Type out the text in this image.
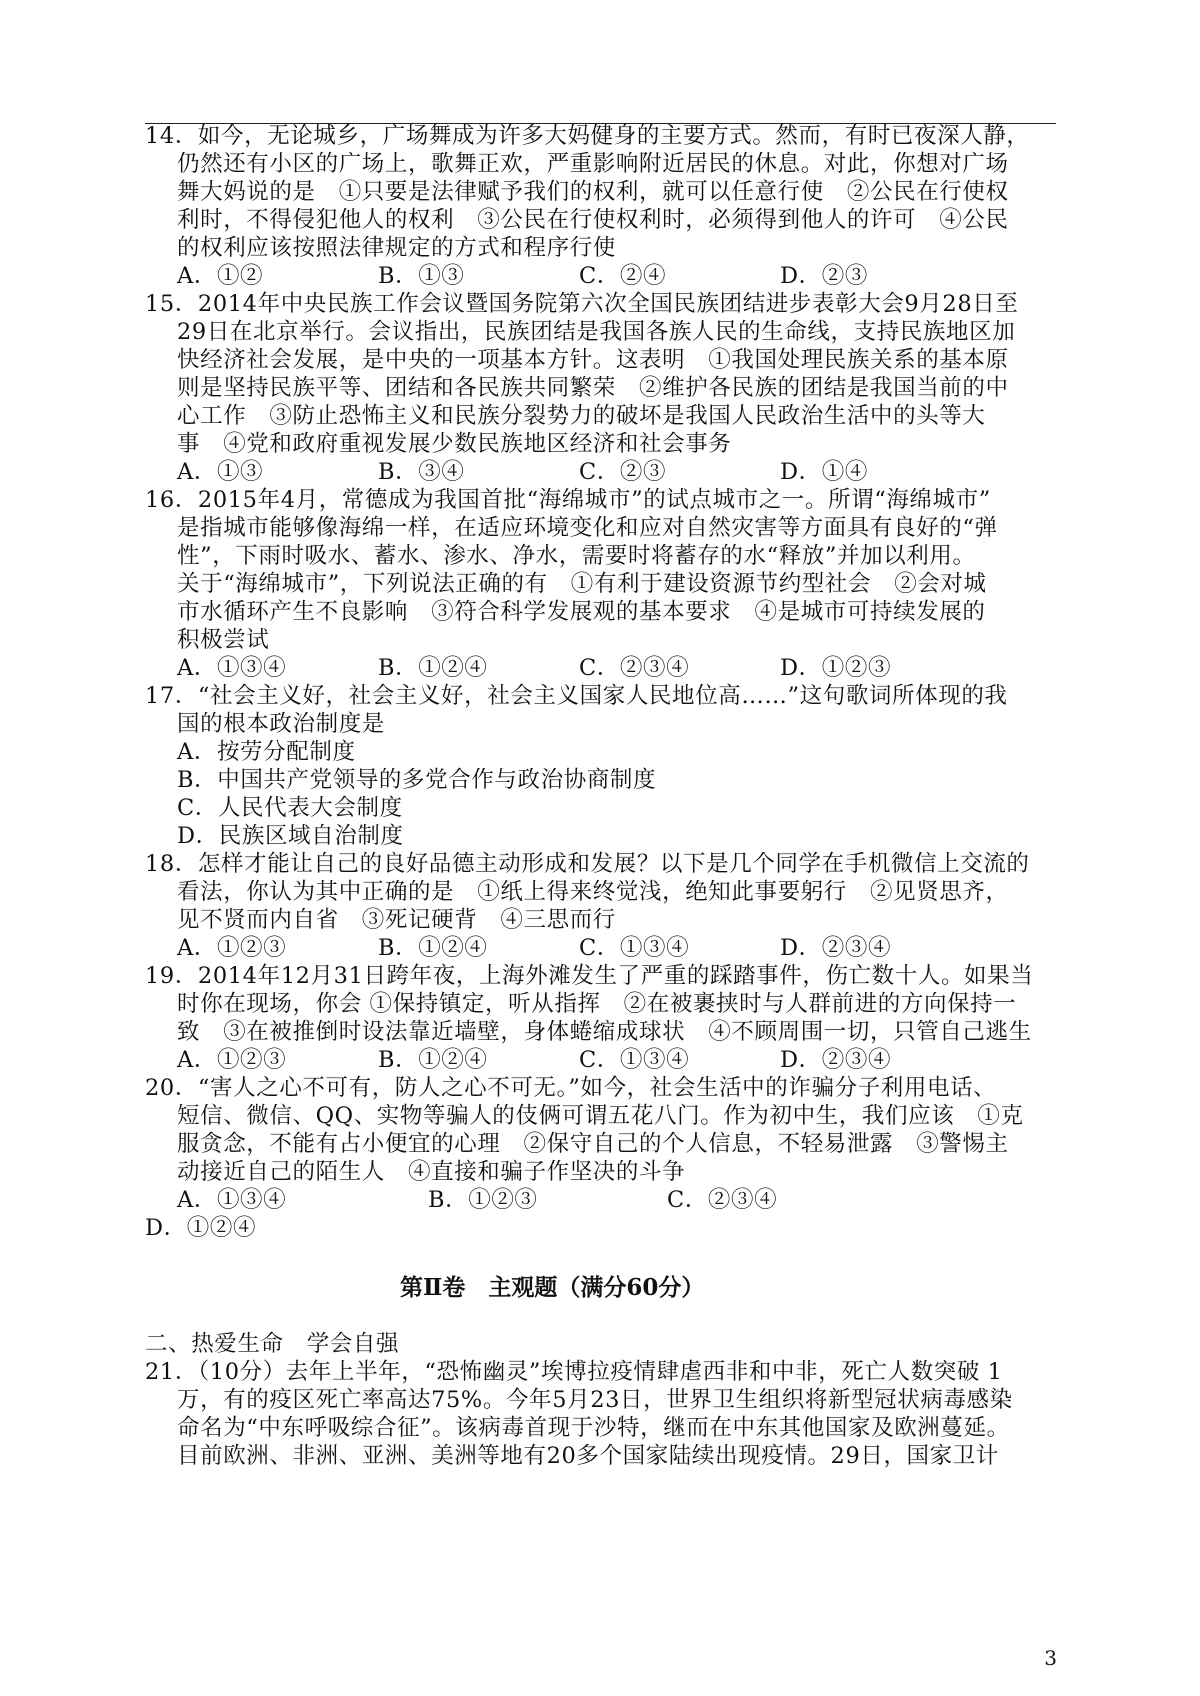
14．如今，无论城乡，广场舞成为许多大妈健身的主要方式。然而，有时已夜深人静，
仍然还有小区的广场上，歌舞正欢，严重影响附近居民的休息。对此，你想对广场
舞大妈说的是　①只要是法律赋予我们的权利，就可以任意行使　②公民在行使权
利时，不得侵犯他人的权利　③公民在行使权利时，必须得到他人的许可　④公民
的权利应该按照法律规定的方式和程序行使
A．①②	B．①③	C．②④	D．②③
15．2014年中央民族工作会议暨国务院第六次全国民族团结进步表彰大会9月28日至
29日在北京举行。会议指出，民族团结是我国各族人民的生命线，支持民族地区加
快经济社会发展，是中央的一项基本方针。这表明　①我国处理民族关系的基本原
则是坚持民族平等、团结和各民族共同繁荣　②维护各民族的团结是我国当前的中
心工作　③防止恐怖主义和民族分裂势力的破坏是我国人民政治生活中的头等大
事　④党和政府重视发展少数民族地区经济和社会事务
A．①③	B．③④	C．②③	D．①④
16．2015年4月，常德成为我国首批“海绵城市”的试点城市之一。所谓“海绵城市”
是指城市能够像海绵一样，在适应环境变化和应对自然灾害等方面具有良好的“弹
性”，下雨时吸水、蓄水、渗水、净水，需要时将蓄存的水“释放”并加以利用。
关于“海绵城市”，下列说法正确的有　①有利于建设资源节约型社会　②会对城
市水循环产生不良影响　③符合科学发展观的基本要求　④是城市可持续发展的
积极尝试
A．①③④	B．①②④	C．②③④	D．①②③
17．“社会主义好，社会主义好，社会主义国家人民地位高……”这句歌词所体现的我
国的根本政治制度是
A．按劳分配制度
B．中国共产党领导的多党合作与政治协商制度
C．人民代表大会制度
D．民族区域自治制度
18．怎样才能让自己的良好品德主动形成和发展？以下是几个同学在手机微信上交流的
看法，你认为其中正确的是　①纸上得来终觉浅，绝知此事要躬行　②见贤思齐，
见不贤而内自省　③死记硬背　④三思而行
A．①②③	B．①②④	C．①③④	D．②③④
19．2014年12月31日跨年夜，上海外滩发生了严重的踩踏事件，伤亡数十人。如果当
时你在现场，你会 ①保持镇定，听从指挥　②在被裹挟时与人群前进的方向保持一
致　③在被推倒时设法靠近墙壁，身体蜷缩成球状　④不顾周围一切，只管自己逃生
A．①②③	B．①②④	C．①③④	D．②③④
20．“害人之心不可有，防人之心不可无。”如今，社会生活中的诈骗分子利用电话、
短信、微信、QQ、实物等骗人的伎俩可谓五花八门。作为初中生，我们应该　①克
服贪念，不能有占小便宜的心理　②保守自己的个人信息，不轻易泄露　③警惕主
动接近自己的陌生人　④直接和骗子作坚决的斗争
A．①③④	B．①②③	C．②③④
D．①②④
第Ⅱ卷　主观题（满分60分）
二、热爱生命　学会自强
21．（10分）去年上半年，“恐怖幽灵”埃博拉疫情肆虐西非和中非，死亡人数突破 1
万，有的疫区死亡率高达75%。今年5月23日，世界卫生组织将新型冠状病毒感染
命名为“中东呼吸综合征”。该病毒首现于沙特，继而在中东其他国家及欧洲蔓延。
目前欧洲、非洲、亚洲、美洲等地有20多个国家陆续出现疫情。29日，国家卫计
3
